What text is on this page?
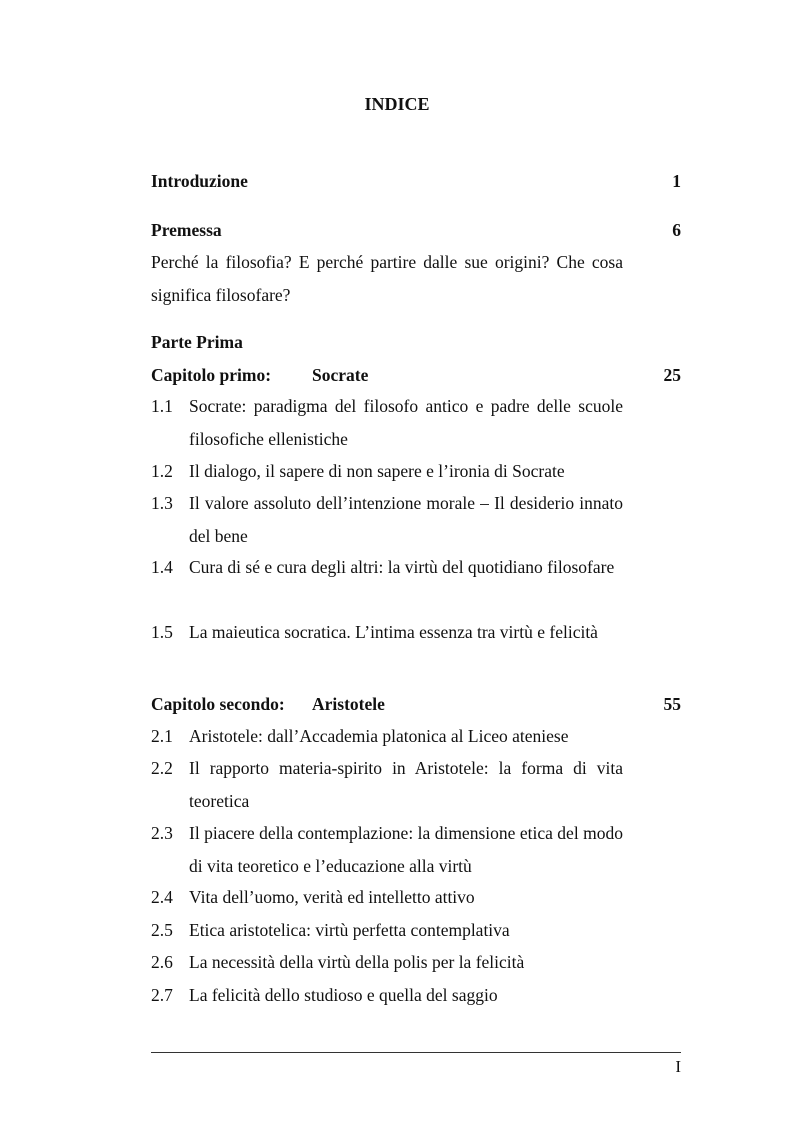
INDICE
Introduzione	1
Premessa	6
Perché la filosofia? E perché partire dalle sue origini? Che cosa significa filosofare?
Parte Prima
Capitolo primo: Socrate	25
1.1 Socrate: paradigma del filosofo antico e padre delle scuole filosofiche ellenistiche
1.2 Il dialogo, il sapere di non sapere e l’ironia di Socrate
1.3 Il valore assoluto dell’intenzione morale – Il desiderio innato del bene
1.4 Cura di sé e cura degli altri: la virtù del quotidiano filosofare
1.5 La maieutica socratica. L’intima essenza tra virtù e felicità
Capitolo secondo: Aristotele	55
2.1 Aristotele: dall’Accademia platonica al Liceo ateniese
2.2 Il rapporto materia-spirito in Aristotele: la forma di vita teoretica
2.3 Il piacere della contemplazione: la dimensione etica del modo di vita teoretico e l’educazione alla virtù
2.4 Vita dell’uomo, verità ed intelletto attivo
2.5 Etica aristotelica: virtù perfetta contemplativa
2.6 La necessità della virtù della polis per la felicità
2.7 La felicità dello studioso e quella del saggio
I
